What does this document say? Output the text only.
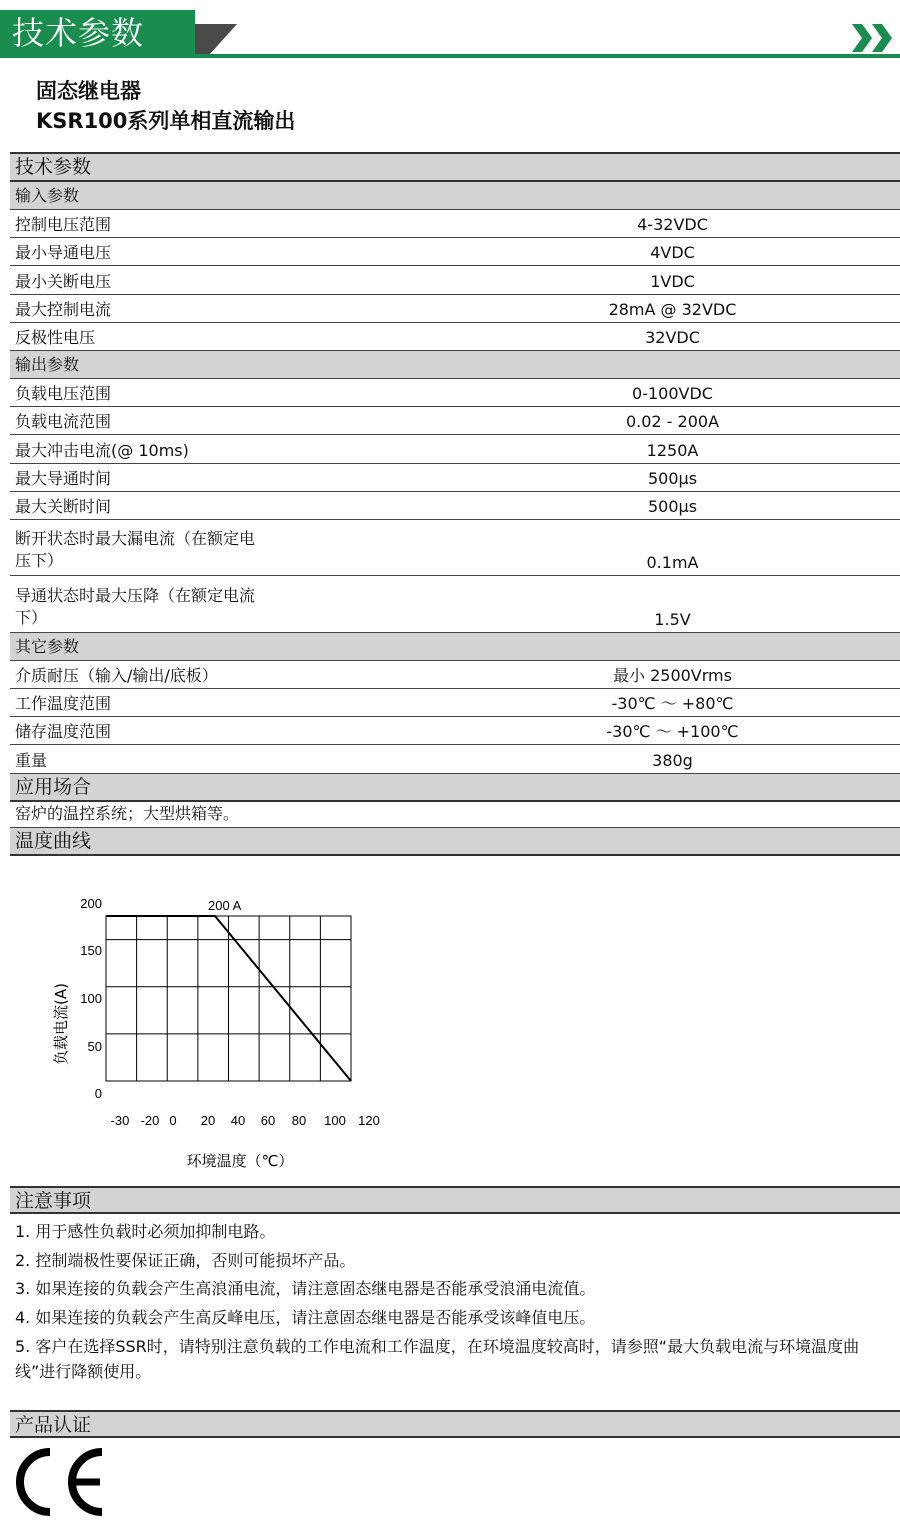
技术参数
固态继电器
KSR100系列单相直流输出
技术参数
输入参数
控制电压范围	4-32VDC
最小导通电压	4VDC
最小关断电压	1VDC
最大控制电流	28mA @ 32VDC
反极性电压	32VDC
输出参数
负载电压范围	0-100VDC
负载电流范围	0.02 - 200A
最大冲击电流(@ 10ms)	1250A
最大导通时间	500µs
最大关断时间	500µs
断开状态时最大漏电流（在额定电压下）	0.1mA
导通状态时最大压降（在额定电流下）	1.5V
其它参数
介质耐压（输入/输出/底板）	最小 2500Vrms
工作温度范围	-30℃ ～ +80℃
储存温度范围	-30℃ ～ +100℃
重量	380g
应用场合
窑炉的温控系统；大型烘箱等。
温度曲线
0
50
100
150
200
-30 -20 0 20 40 60 80 100 120
200 A
负载电流(A)
环境温度（℃）
注意事项
1. 用于感性负载时必须加抑制电路。
2. 控制端极性要保证正确，否则可能损坏产品。
3. 如果连接的负载会产生高浪涌电流，请注意固态继电器是否能承受浪涌电流值。
4. 如果连接的负载会产生高反峰电压，请注意固态继电器是否能承受该峰值电压。
5. 客户在选择SSR时，请特别注意负载的工作电流和工作温度，在环境温度较高时，请参照“最大负载电流与环境温度曲线”进行降额使用。
产品认证
